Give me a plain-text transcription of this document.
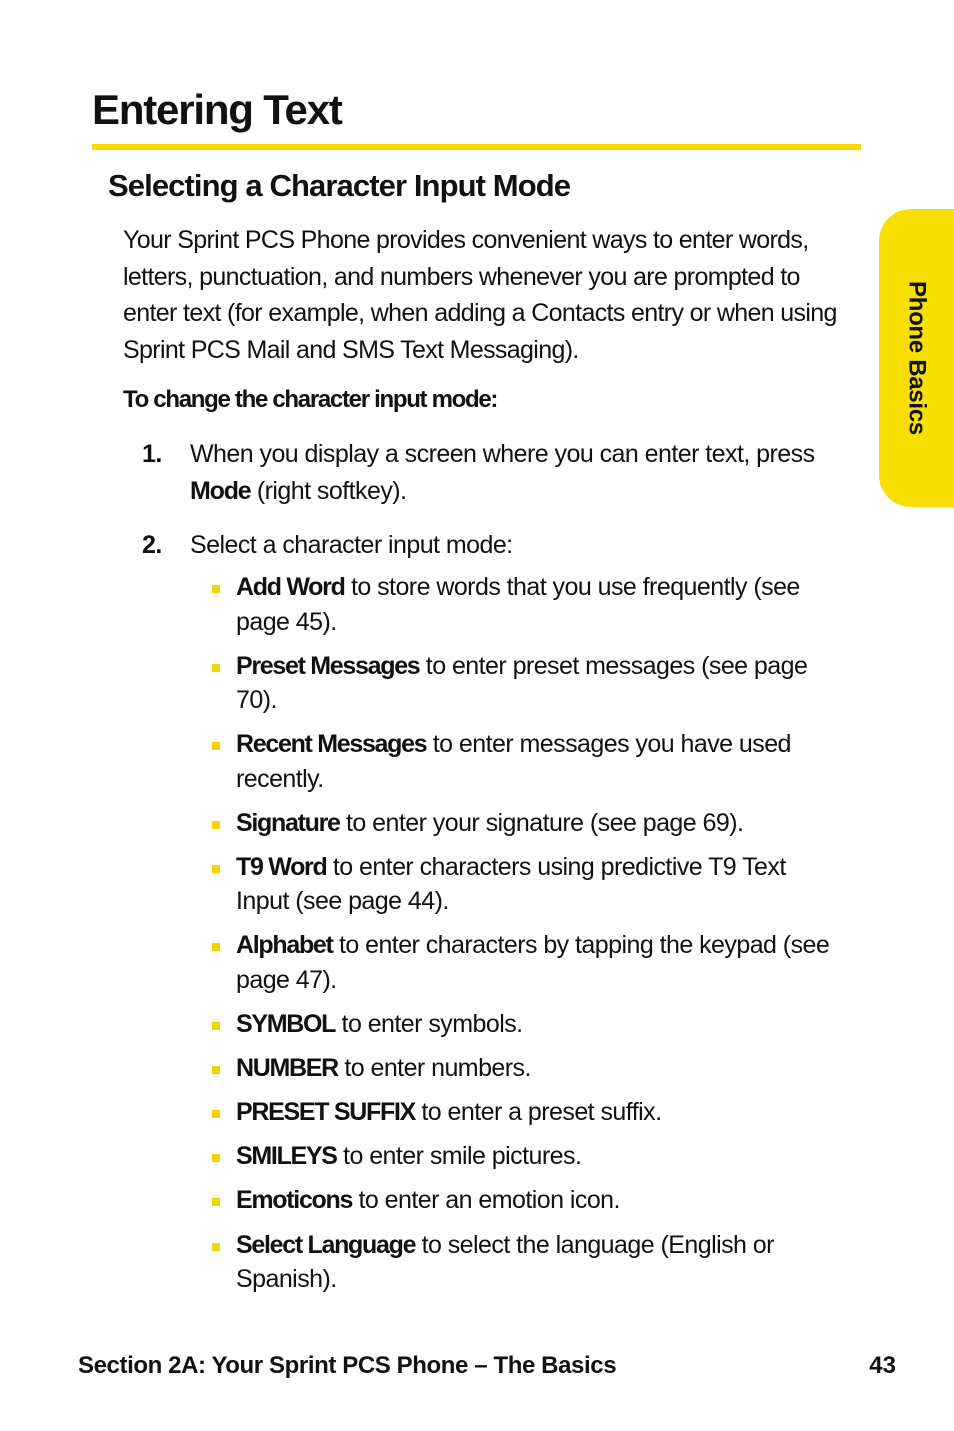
Entering Text
Selecting a Character Input Mode
Phone Basics

Your Sprint PCS Phone provides convenient ways to enter words, letters, punctuation, and numbers whenever you are prompted to enter text (for example, when adding a Contacts entry or when using Sprint PCS Mail and SMS Text Messaging).

To change the character input mode:

1. When you display a screen where you can enter text, press Mode (right softkey).
2. Select a character input mode:
Add Word to store words that you use frequently (see page 45).
Preset Messages to enter preset messages (see page 70).
Recent Messages to enter messages you have used recently.
Signature to enter your signature (see page 69).
T9 Word to enter characters using predictive T9 Text Input (see page 44).
Alphabet to enter characters by tapping the keypad (see page 47).
SYMBOL to enter symbols.
NUMBER to enter numbers.
PRESET SUFFIX to enter a preset suffix.
SMILEYS to enter smile pictures.
Emoticons to enter an emotion icon.
Select Language to select the language (English or Spanish).
Section 2A: Your Sprint PCS Phone – The Basics	43
